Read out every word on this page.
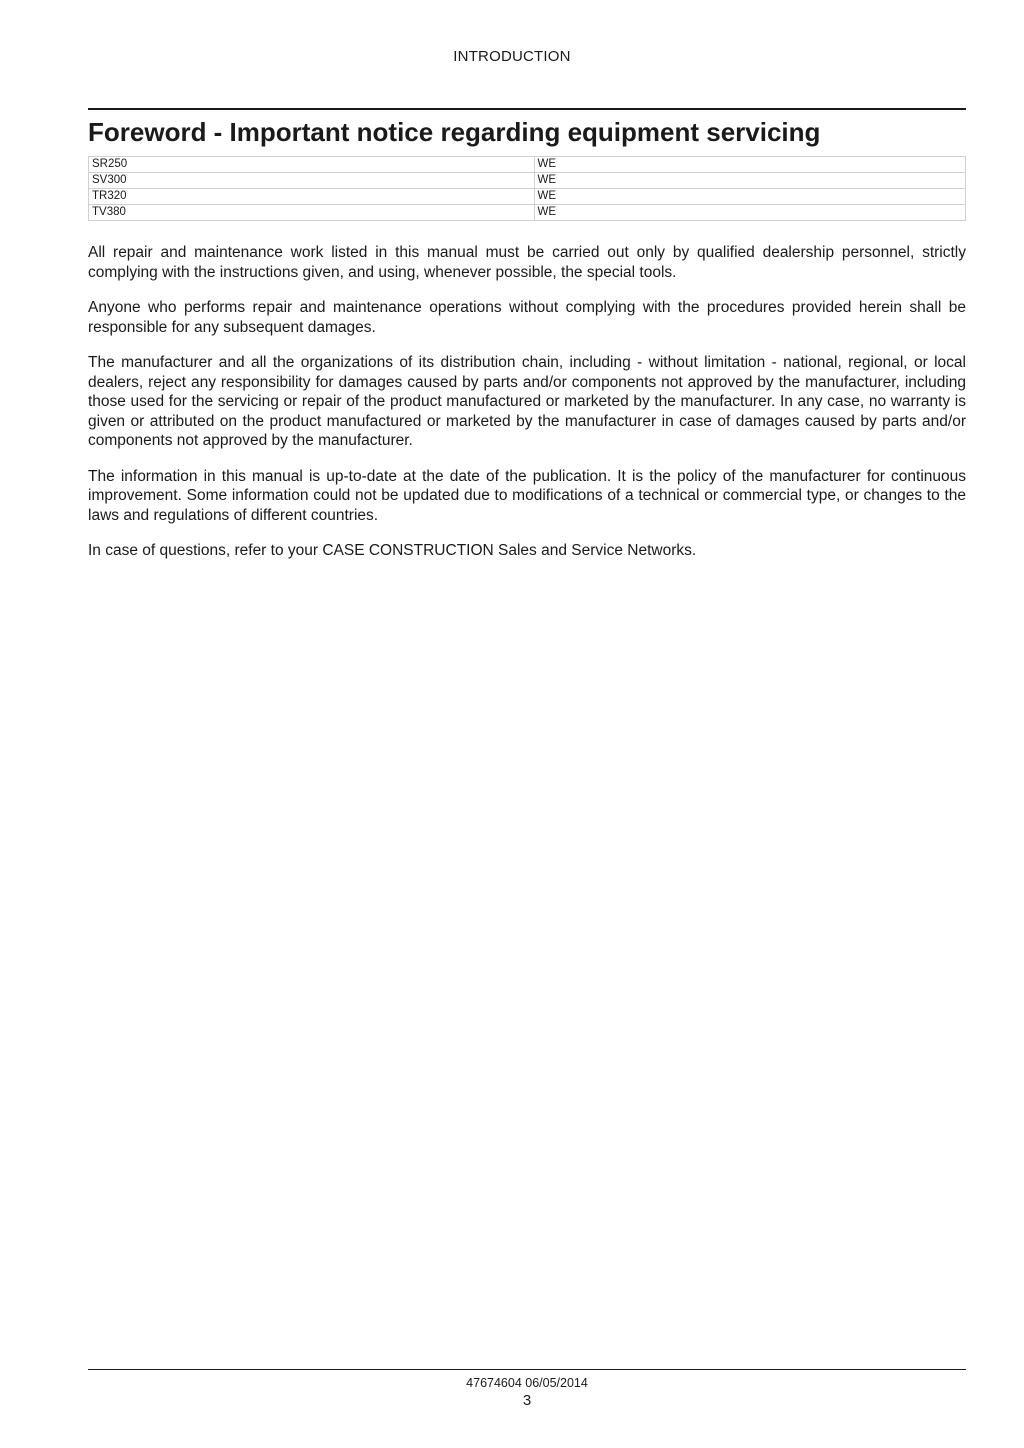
INTRODUCTION
Foreword - Important notice regarding equipment servicing
SR250	WE
SV300	WE
TR320	WE
TV380	WE

All repair and maintenance work listed in this manual must be carried out only by qualified dealership personnel, strictly complying with the instructions given, and using, whenever possible, the special tools.

Anyone who performs repair and maintenance operations without complying with the procedures provided herein shall be responsible for any subsequent damages.

The manufacturer and all the organizations of its distribution chain, including - without limitation - national, regional, or local dealers, reject any responsibility for damages caused by parts and/or components not approved by the manufacturer, including those used for the servicing or repair of the product manufactured or marketed by the manufacturer. In any case, no warranty is given or attributed on the product manufactured or marketed by the manufacturer in case of damages caused by parts and/or components not approved by the manufacturer.

The information in this manual is up-to-date at the date of the publication. It is the policy of the manufacturer for continuous improvement. Some information could not be updated due to modifications of a technical or commercial type, or changes to the laws and regulations of different countries.

In case of questions, refer to your CASE CONSTRUCTION Sales and Service Networks.

47674604 06/05/2014
3
